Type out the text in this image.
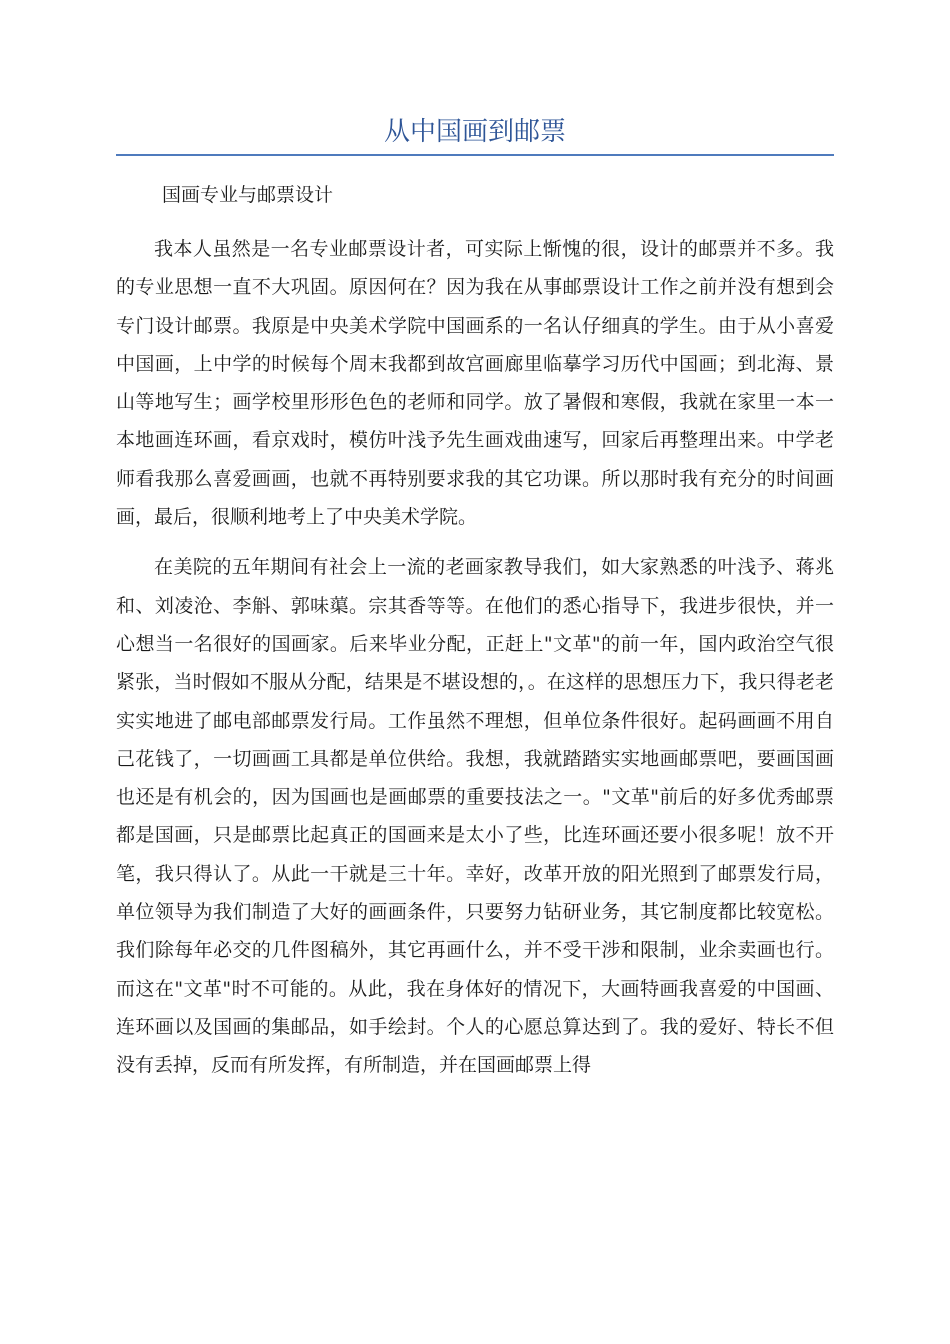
从中国画到邮票
国画专业与邮票设计

我本人虽然是一名专业邮票设计者，可实际上惭愧的很，设计的邮票并不多。我的专业思想一直不大巩固。原因何在？因为我在从事邮票设计工作之前并没有想到会专门设计邮票。我原是中央美术学院中国画系的一名认仔细真的学生。由于从小喜爱中国画，上中学的时候每个周末我都到故宫画廊里临摹学习历代中国画；到北海、景山等地写生；画学校里形形色色的老师和同学。放了暑假和寒假，我就在家里一本一本地画连环画，看京戏时，模仿叶浅予先生画戏曲速写，回家后再整理出来。中学老师看我那么喜爱画画，也就不再特别要求我的其它功课。所以那时我有充分的时间画画，最后，很顺利地考上了中央美术学院。

在美院的五年期间有社会上一流的老画家教导我们，如大家熟悉的叶浅予、蒋兆和、刘凌沧、李斛、郭味蕖。宗其香等等。在他们的悉心指导下，我进步很快，并一心想当一名很好的国画家。后来毕业分配，正赶上"文革"的前一年，国内政治空气很紧张，当时假如不服从分配，结果是不堪设想的，。在这样的思想压力下，我只得老老实实地进了邮电部邮票发行局。工作虽然不理想，但单位条件很好。起码画画不用自己花钱了，一切画画工具都是单位供给。我想，我就踏踏实实地画邮票吧，要画国画也还是有机会的，因为国画也是画邮票的重要技法之一。"文革"前后的好多优秀邮票都是国画，只是邮票比起真正的国画来是太小了些，比连环画还要小很多呢！放不开笔，我只得认了。从此一干就是三十年。幸好，改革开放的阳光照到了邮票发行局，单位领导为我们制造了大好的画画条件，只要努力钻研业务，其它制度都比较宽松。我们除每年必交的几件图稿外，其它再画什么，并不受干涉和限制，业余卖画也行。而这在"文革"时不可能的。从此，我在身体好的情况下，大画特画我喜爱的中国画、连环画以及国画的集邮品，如手绘封。个人的心愿总算达到了。我的爱好、特长不但没有丢掉，反而有所发挥，有所制造，并在国画邮票上得
